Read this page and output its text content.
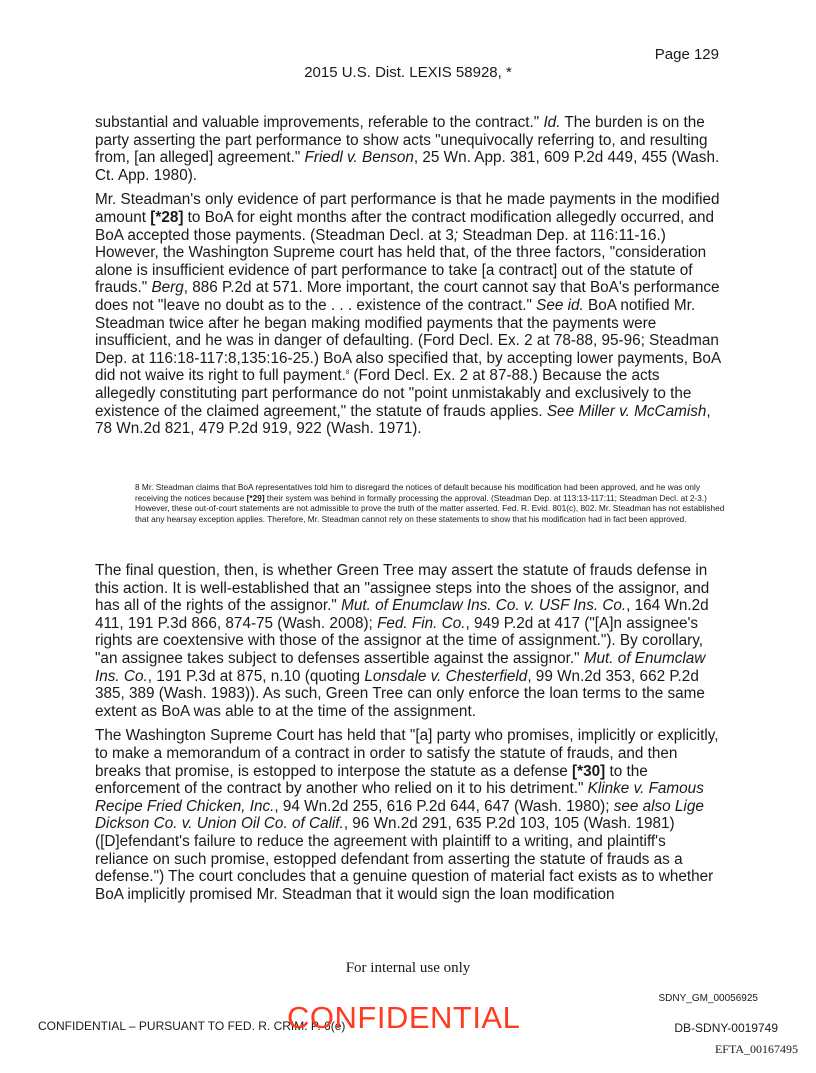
Page 129
2015 U.S. Dist. LEXIS 58928, *

substantial and valuable improvements, referable to the contract." Id. The burden is on the party asserting the part performance to show acts "unequivocally referring to, and resulting from, [an alleged] agreement." Friedl v. Benson, 25 Wn. App. 381, 609 P.2d 449, 455 (Wash. Ct. App. 1980).

Mr. Steadman's only evidence of part performance is that he made payments in the modified amount [*28] to BoA for eight months after the contract modification allegedly occurred, and BoA accepted those payments. (Steadman Decl. at 3; Steadman Dep. at 116:11-16.) However, the Washington Supreme court has held that, of the three factors, "consideration alone is insufficient evidence of part performance to take [a contract] out of the statute of frauds." Berg, 886 P.2d at 571. More important, the court cannot say that BoA's performance does not "leave no doubt as to the . . . existence of the contract." See id. BoA notified Mr. Steadman twice after he began making modified payments that the payments were insufficient, and he was in danger of defaulting. (Ford Decl. Ex. 2 at 78-88, 95-96; Steadman Dep. at 116:18-117:8,135:16-25.) BoA also specified that, by accepting lower payments, BoA did not waive its right to full payment.$^8$ (Ford Decl. Ex. 2 at 87-88.) Because the acts allegedly constituting part performance do not "point unmistakably and exclusively to the existence of the claimed agreement," the statute of frauds applies. See Miller v. McCamish, 78 Wn.2d 821, 479 P.2d 919, 922 (Wash. 1971).

8 Mr. Steadman claims that BoA representatives told him to disregard the notices of default because his modification had been approved, and he was only receiving the notices because [*29] their system was behind in formally processing the approval. (Steadman Dep. at 113:13-117:11; Steadman Decl. at 2-3.) However, these out-of-court statements are not admissible to prove the truth of the matter asserted. Fed. R. Evid. 801(c), 802. Mr. Steadman has not established that any hearsay exception applies. Therefore, Mr. Steadman cannot rely on these statements to show that his modification had in fact been approved.

The final question, then, is whether Green Tree may assert the statute of frauds defense in this action. It is well-established that an "assignee steps into the shoes of the assignor, and has all of the rights of the assignor." Mut. of Enumclaw Ins. Co. v. USF Ins. Co., 164 Wn.2d 411, 191 P.3d 866, 874-75 (Wash. 2008); Fed. Fin. Co., 949 P.2d at 417 ("[A]n assignee's rights are coextensive with those of the assignor at the time of assignment."). By corollary, "an assignee takes subject to defenses assertible against the assignor." Mut. of Enumclaw Ins. Co., 191 P.3d at 875, n.10 (quoting Lonsdale v. Chesterfield, 99 Wn.2d 353, 662 P.2d 385, 389 (Wash. 1983)). As such, Green Tree can only enforce the loan terms to the same extent as BoA was able to at the time of the assignment.

The Washington Supreme Court has held that "[a] party who promises, implicitly or explicitly, to make a memorandum of a contract in order to satisfy the statute of frauds, and then breaks that promise, is estopped to interpose the statute as a defense [*30] to the enforcement of the contract by another who relied on it to his detriment." Klinke v. Famous Recipe Fried Chicken, Inc., 94 Wn.2d 255, 616 P.2d 644, 647 (Wash. 1980); see also Lige Dickson Co. v. Union Oil Co. of Calif., 96 Wn.2d 291, 635 P.2d 103, 105 (Wash. 1981) ([D]efendant's failure to reduce the agreement with plaintiff to a writing, and plaintiff's reliance on such promise, estopped defendant from asserting the statute of frauds as a defense.") The court concludes that a genuine question of material fact exists as to whether BoA implicitly promised Mr. Steadman that it would sign the loan modification

For internal use only
SDNY_GM_00056925
CONFIDENTIAL – PURSUANT TO FED. R. CRIM. P. 6(e)
CONFIDENTIAL	DB-SDNY-0019749
EFTA_00167495
